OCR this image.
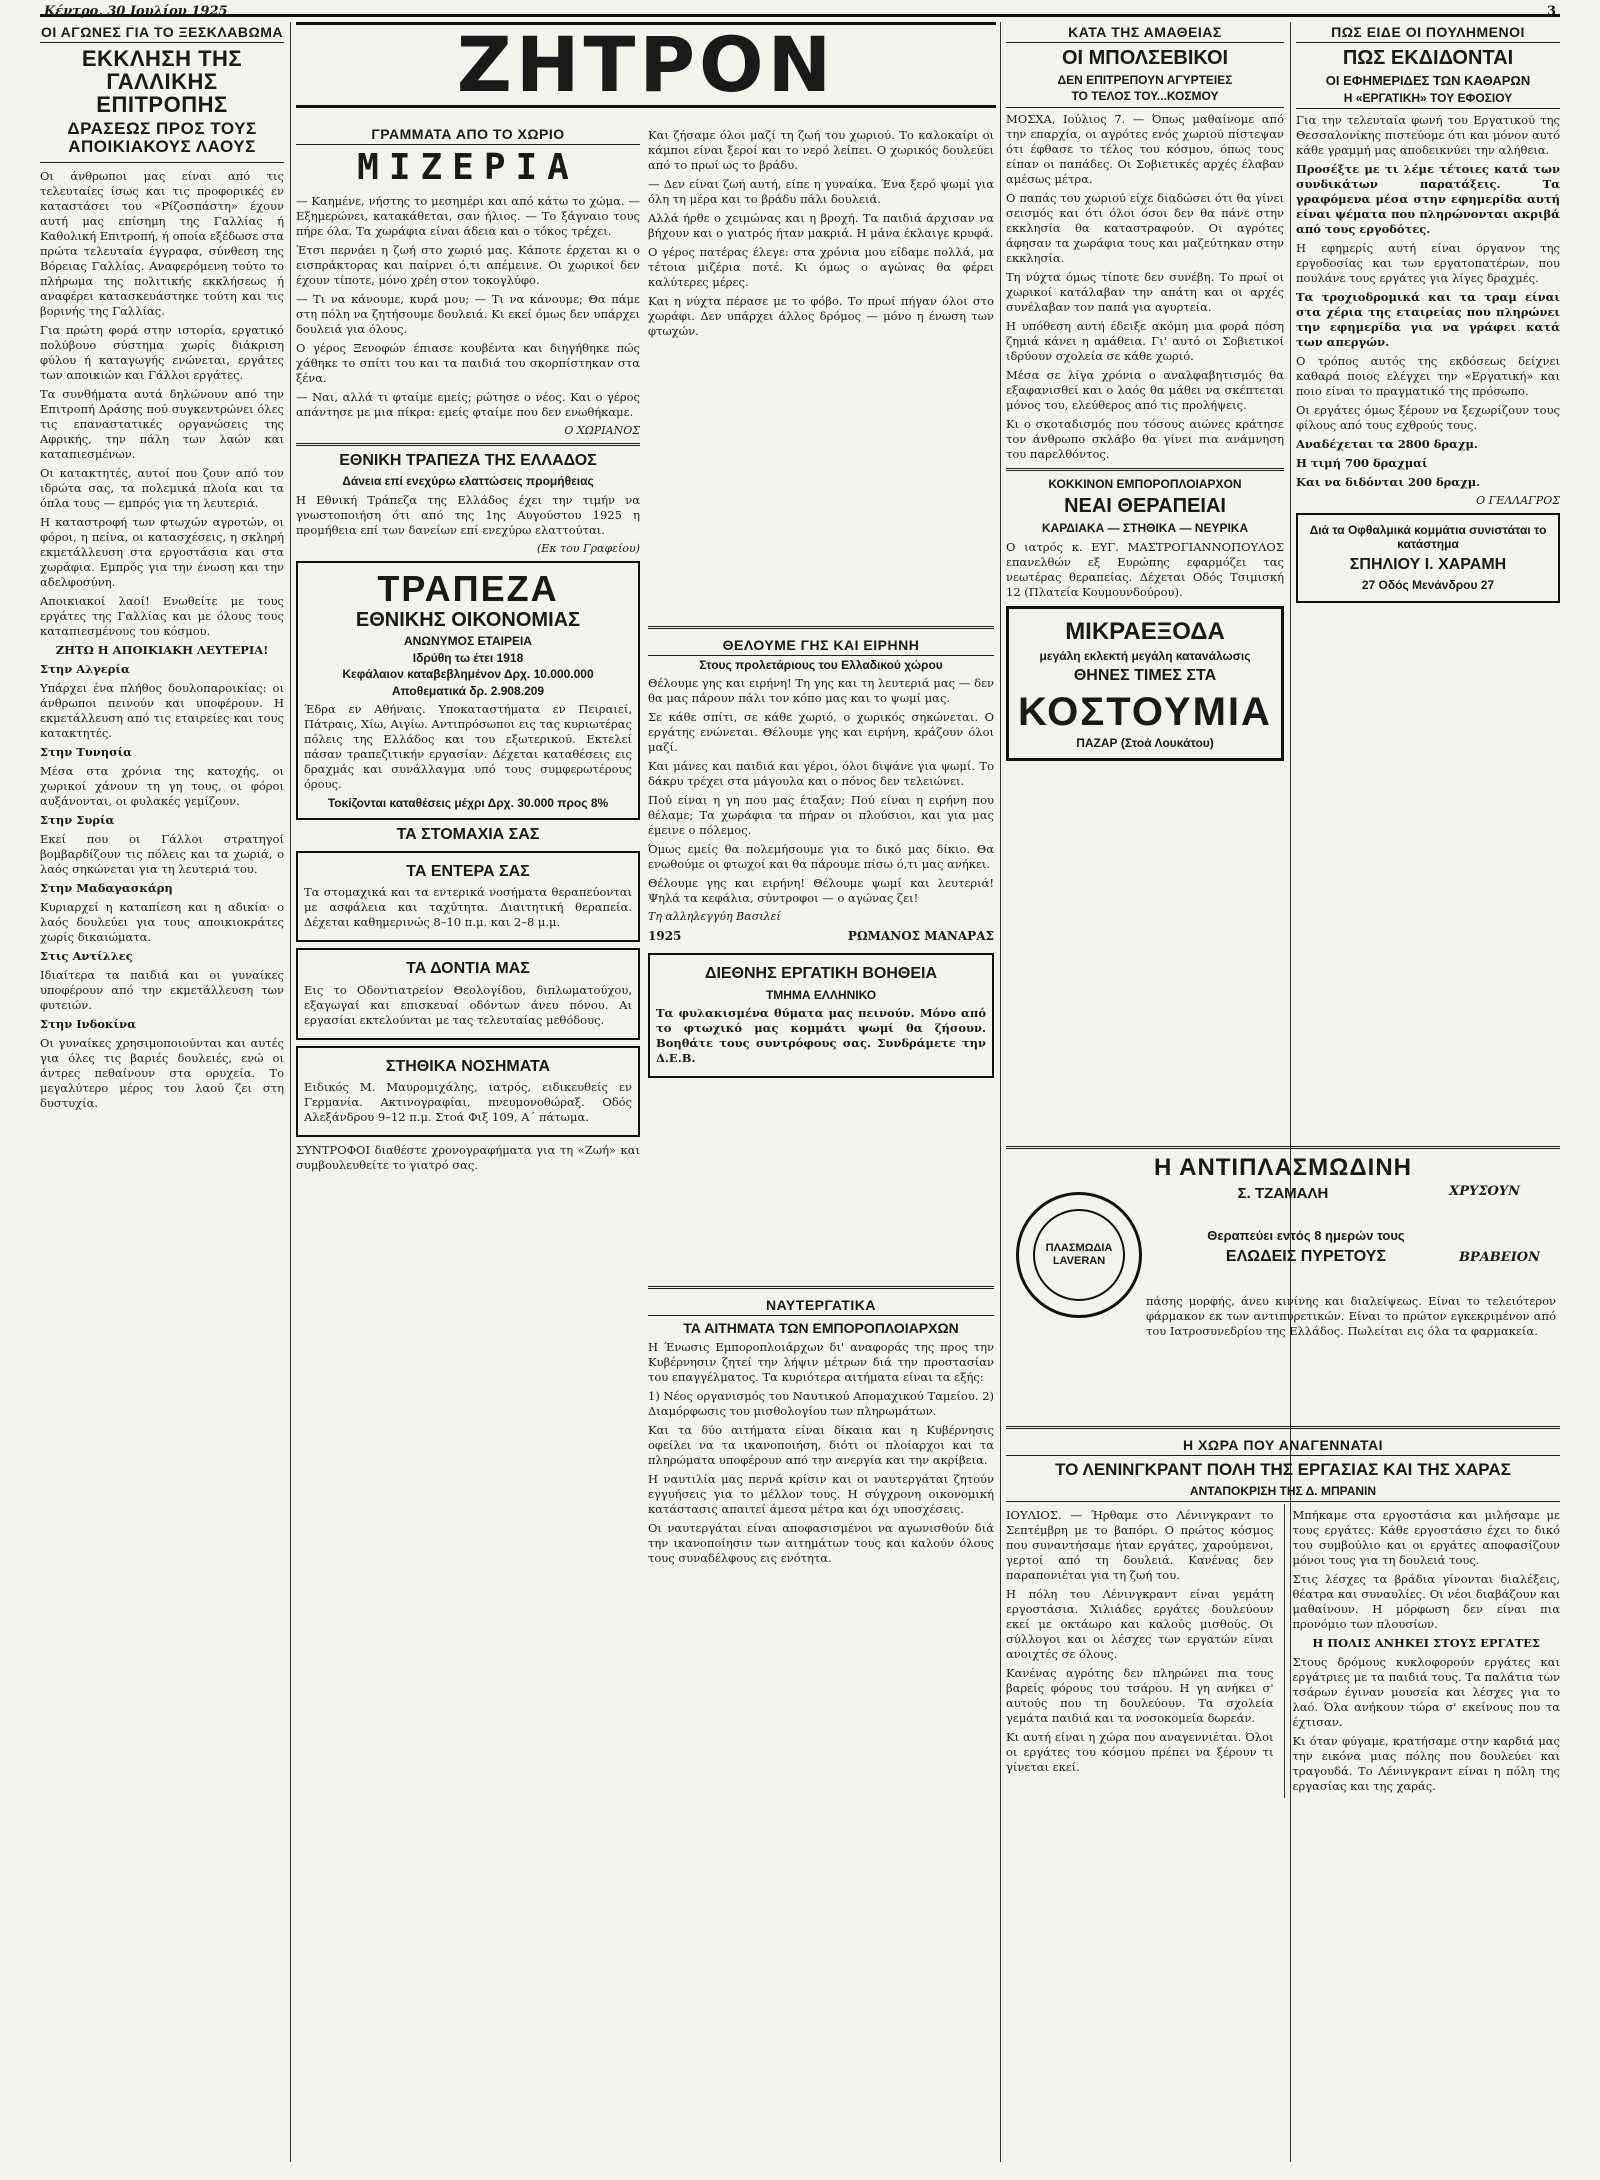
Κέντρο, 30 Ιουλίου 1925	3
ΟΙ ΑΓΩΝΕΣ ΓΙΑ ΤΟ ΞΕΣΚΛΑΒΩΜΑ
ΕΚΚΛΗΣΗ ΤΗΣ ΓΑΛΛΙΚΗΣ ΕΠΙΤΡΟΠΗΣ
ΔΡΑΣΕΩΣ ΠΡΟΣ ΤΟΥΣ ΑΠΟΙΚΙΑΚΟΥΣ ΛΑΟΥΣ

Οι άνθρωποι μας είναι από τις τελευταίες ίσως και τις προφορικές εν καταστάσει του «Ρίζοσπάστη» έχουν αυτή μας επίσημη της Γαλλίας ή Καθολική Επιτροπή, ή οποία εξέδωσε στα πρώτα τελευταία έγγραφα, σύνθεση της Βόρειας Γαλλίας. Αναφερόμενη τούτο το πλήρωμα της πολιτικής εκκλήσεως ή αναφέρει κατασκευάστηκε τούτη και τις βορινής της Γαλλίας.

Για πρώτη φορά στην ιστορία, εργατικό πολύβουο σύστημα χωρίς διάκριση φύλου ή καταγωγής ενώνεται, εργάτες των αποικιών και Γάλλοι εργάτες.

Τα συνθήματα αυτά δηλώνουν από την Επιτροπή Δράσης πού συγκεντρώνει όλες τις επαναστατικές οργανώσεις της Αφρικής, την πάλη των λαών και καταπιεσμένων.

Οι κατακτητές, αυτοί που ζουν από τον ιδρώτα σας, τα πολεμικά πλοία και τα όπλα τους — εμπρός για τη λευτεριά.

Η καταστροφή των φτωχών αγροτών, οι φόροι, η πείνα, οι κατασχέσεις, η σκληρή εκμετάλλευση στα εργοστάσια και στα χωράφια. Εμπρός για την ένωση και την αδελφοσύνη.

Αποικιακοί λαοί! Ενωθείτε με τους εργάτες της Γαλλίας και με όλους τους καταπιεσμένους του κόσμου.

ΖΗΤΩ Η ΑΠΟΙΚΙΑΚΗ ΛΕΥΤΕΡΙΑ!

Στην Αλγερία

Υπάρχει ένα πλήθος δουλοπαροικίας: οι άνθρωποι πεινούν και υποφέρουν. Η εκμετάλλευση από τις εταιρείες και τους κατακτητές.

Στην Τυνησία

Μέσα στα χρόνια της κατοχής, οι χωρικοί χάνουν τη γη τους, οι φόροι αυξάνονται, οι φυλακές γεμίζουν.

Στην Συρία

Εκεί που οι Γάλλοι στρατηγοί βομβαρδίζουν τις πόλεις και τα χωριά, ο λαός σηκώνεται για τη λευτεριά του.

Στην Μαδαγασκάρη

Κυριαρχεί η καταπίεση και η αδικία· ο λαός δουλεύει για τους αποικιοκράτες χωρίς δικαιώματα.

Στις Αντίλλες

Ιδιαίτερα τα παιδιά και οι γυναίκες υποφέρουν από την εκμετάλλευση των φυτειών.

Στην Ινδοκίνα

Οι γυναίκες χρησιμοποιούνται και αυτές για όλες τις βαριές δουλειές, ενώ οι άντρες πεθαίνουν στα ορυχεία. Το μεγαλύτερο μέρος του λαού ζει στη δυστυχία.

ΖΗΤΡΟΝ
ΓΡΑΜΜΑΤΑ ΑΠΟ ΤΟ ΧΩΡΙΟ
ΜΙΖΕΡΙΑ

— Καημένε, νήστης το μεσημέρι και από κάτω το χώμα. — Εξημερώνει, κατακάθεται, σαν ήλιος. — Το ξάγναιο τους πήρε όλα. Τα χωράφια είναι άδεια και ο τόκος τρέχει.

Έτσι περνάει η ζωή στο χωριό μας. Κάποτε έρχεται κι ο εισπράκτορας και παίρνει ό,τι απέμεινε. Οι χωρικοί δεν έχουν τίποτε, μόνο χρέη στον τοκογλύφο.

— Τι να κάνουμε, κυρά μου; — Τι να κάνουμε; Θα πάμε στη πόλη να ζητήσουμε δουλειά. Κι εκεί όμως δεν υπάρχει δουλειά για όλους.

Ο γέρος Ξενοφών έπιασε κουβέντα και διηγήθηκε πώς χάθηκε το σπίτι του και τα παιδιά του σκορπίστηκαν στα ξένα.

— Ναι, αλλά τι φταίμε εμείς; ρώτησε ο νέος. Και ο γέρος απάντησε με μια πίκρα: εμείς φταίμε που δεν ενωθήκαμε.

Ο ΧΩΡΙΑΝΟΣ
ΕΘΝΙΚΗ ΤΡΑΠΕΖΑ ΤΗΣ ΕΛΛΑΔΟΣ
Δάνεια επί ενεχύρω ελαττώσεις προμήθειας

Η Εθνική Τράπεζα της Ελλάδος έχει την τιμήν να γνωστοποιήση ότι από της 1ης Αυγούστου 1925 η προμήθεια επί των δανείων επί ενεχύρω ελαττούται.

(Εκ του Γραφείου)
ΤΡΑΠΕΖΑ
ΕΘΝΙΚΗΣ ΟΙΚΟΝΟΜΙΑΣ
ΑΝΩΝΥΜΟΣ ΕΤΑΙΡΕΙΑ
Ιδρύθη τω έτει 1918
Κεφάλαιον καταβεβλημένον Δρχ. 10.000.000
Αποθεματικά δρ. 2.908.209

Έδρα εν Αθήναις. Υποκαταστήματα εν Πειραιεί, Πάτραις, Χίω, Αιγίω. Αντιπρόσωποι εις τας κυριωτέρας πόλεις της Ελλάδος και του εξωτερικού. Εκτελεί πάσαν τραπεζιτικήν εργασίαν. Δέχεται καταθέσεις εις δραχμάς και συνάλλαγμα υπό τους συμφερωτέρους όρους.

Τοκίζονται καταθέσεις μέχρι Δρχ. 30.000 προς 8%
ΤΑ ΣΤΟΜΑΧΙΑ ΣΑΣ
ΤΑ ΕΝΤΕΡΑ ΣΑΣ

Τα στομαχικά και τα εντερικά νοσήματα θεραπεύονται με ασφάλεια και ταχύτητα. Διαιτητική θεραπεία. Δέχεται καθημερινώς 8–10 π.μ. και 2–8 μ.μ.

ΤΑ ΔΟΝΤΙΑ ΜΑΣ

Εις το Οδοντιατρείον Θεολογίδου, διπλωματούχου, εξαγωγαί και επισκευαί οδόντων άνευ πόνου. Αι εργασίαι εκτελούνται με τας τελευταίας μεθόδους.

ΣΤΗΘΙΚΑ ΝΟΣΗΜΑΤΑ

Ειδικός Μ. Μαυρομιχάλης, ιατρός, ειδικευθείς εν Γερμανία. Ακτινογραφίαι, πνευμονοθώραξ. Οδός Αλεξάνδρου 9–12 π.μ. Στοά Φιξ 109, Α΄ πάτωμα.

ΣΥΝΤΡΟΦΟΙ διαθέστε χρονογραφήματα για τη «Ζωή» και συμβουλευθείτε το γιατρό σας.

Και ζήσαμε όλοι μαζί τη ζωή του χωριού. Το καλοκαίρι οι κάμποι είναι ξεροί και το νερό λείπει. Ο χωρικός δουλεύει από το πρωί ως το βράδυ.

— Δεν είναι ζωή αυτή, είπε η γυναίκα. Ένα ξερό ψωμί για όλη τη μέρα και το βράδυ πάλι δουλειά.

Αλλά ήρθε ο χειμώνας και η βροχή. Τα παιδιά άρχισαν να βήχουν και ο γιατρός ήταν μακριά. Η μάνα έκλαιγε κρυφά.

Ο γέρος πατέρας έλεγε: στα χρόνια μου είδαμε πολλά, μα τέτοια μιζέρια ποτέ. Κι όμως ο αγώνας θα φέρει καλύτερες μέρες.

Και η νύχτα πέρασε με το φόβο. Το πρωί πήγαν όλοι στο χωράφι. Δεν υπάρχει άλλος δρόμος — μόνο η ένωση των φτωχών.

ΘΕΛΟΥΜΕ ΓΗΣ ΚΑΙ ΕΙΡΗΝΗ
Στους προλετάριους του Ελλαδικού χώρου

Θέλουμε γης και ειρήνη! Τη γης και τη λευτεριά μας — δεν θα μας πάρουν πάλι τον κόπο μας και το ψωμί μας.

Σε κάθε σπίτι, σε κάθε χωριό, ο χωρικός σηκώνεται. Ο εργάτης ενώνεται. Θέλουμε γης και ειρήνη, κράζουν όλοι μαζί.

Και μάνες και παιδιά και γέροι, όλοι διψάνε για ψωμί. Το δάκρυ τρέχει στα μάγουλα και ο πόνος δεν τελειώνει.

Πού είναι η γη που μας έταξαν; Πού είναι η ειρήνη που θέλαμε; Τα χωράφια τα πήραν οι πλούσιοι, και για μας έμεινε ο πόλεμος.

Όμως εμείς θα πολεμήσουμε για το δικό μας δίκιο. Θα ενωθούμε οι φτωχοί και θα πάρουμε πίσω ό,τι μας ανήκει.

Θέλουμε γης και ειρήνη! Θέλουμε ψωμί και λευτεριά! Ψηλά τα κεφάλια, σύντροφοι — ο αγώνας ζει!

Τη αλληλεγγύη Βασιλεί
1925	ΡΩΜΑΝΟΣ ΜΑΝΑΡΑΣ
ΔΙΕΘΝΗΣ ΕΡΓΑΤΙΚΗ ΒΟΗΘΕΙΑ
ΤΜΗΜΑ ΕΛΛΗΝΙΚΟ

Τα φυλακισμένα θύματα μας πεινούν. Μόνο από το φτωχικό μας κομμάτι ψωμί θα ζήσουν. Βοηθάτε τους συντρόφους σας. Συνδράμετε την Δ.Ε.Β.

ΝΑΥΤΕΡΓΑΤΙΚΑ
ΤΑ ΑΙΤΗΜΑΤΑ ΤΩΝ ΕΜΠΟΡΟΠΛΟΙΑΡΧΩΝ

Η Ένωσις Εμποροπλοιάρχων δι' αναφοράς της προς την Κυβέρνησιν ζητεί την λήψιν μέτρων διά την προστασίαν του επαγγέλματος. Τα κυριότερα αιτήματα είναι τα εξής:

1) Νέος οργανισμός του Ναυτικού Απομαχικού Ταμείου. 2) Διαμόρφωσις του μισθολογίου των πληρωμάτων.

Και τα δύο αιτήματα είναι δίκαια και η Κυβέρνησις οφείλει να τα ικανοποιήση, διότι οι πλοίαρχοι και τα πληρώματα υποφέρουν από την ανεργία και την ακρίβεια.

Η ναυτιλία μας περνά κρίσιν και οι ναυτεργάται ζητούν εγγυήσεις για το μέλλον τους. Η σύγχρονη οικονομική κατάστασις απαιτεί άμεσα μέτρα και όχι υποσχέσεις.

Οι ναυτεργάται είναι αποφασισμένοι να αγωνισθούν διά την ικανοποίησιν των αιτημάτων τους και καλούν όλους τους συναδέλφους εις ενότητα.

ΚΑΤΑ ΤΗΣ ΑΜΑΘΕΙΑΣ
ΟΙ ΜΠΟΛΣΕΒΙΚΟΙ
ΔΕΝ ΕΠΙΤΡΕΠΟΥΝ ΑΓΥΡΤΕΙΕΣ
ΤΟ ΤΕΛΟΣ ΤΟΥ...ΚΟΣΜΟΥ

ΜΟΣΧΑ, Ιούλιος 7. — Όπως μαθαίνομε από την επαρχία, οι αγρότες ενός χωριού πίστεψαν ότι έφθασε το τέλος του κόσμου, όπως τους είπαν οι παπάδες. Οι Σοβιετικές αρχές έλαβαν αμέσως μέτρα.

Ο παπάς του χωριού είχε διαδώσει ότι θα γίνει σεισμός και ότι όλοι όσοι δεν θα πάνε στην εκκλησία θα καταστραφούν. Οι αγρότες άφησαν τα χωράφια τους και μαζεύτηκαν στην εκκλησία.

Τη νύχτα όμως τίποτε δεν συνέβη. Το πρωί οι χωρικοί κατάλαβαν την απάτη και οι αρχές συνέλαβαν τον παπά για αγυρτεία.

Η υπόθεση αυτή έδειξε ακόμη μια φορά πόση ζημιά κάνει η αμάθεια. Γι' αυτό οι Σοβιετικοί ιδρύουν σχολεία σε κάθε χωριό.

Μέσα σε λίγα χρόνια ο αναλφαβητισμός θα εξαφανισθεί και ο λαός θα μάθει να σκέπτεται μόνος του, ελεύθερος από τις προλήψεις.

Κι ο σκοταδισμός που τόσους αιώνες κράτησε τον άνθρωπο σκλάβο θα γίνει πια ανάμνηση του παρελθόντος.

ΚΟΚΚΙΝΟΝ ΕΜΠΟΡΟΠΛΟΙΑΡΧΟΝ
ΝΕΑΙ ΘΕΡΑΠΕΙΑΙ
ΚΑΡΔΙΑΚΑ — ΣΤΗΘΙΚΑ — ΝΕΥΡΙΚΑ

Ο ιατρός κ. ΕΥΓ. ΜΑΣΤΡΟΓΙΑΝΝΟΠΟΥΛΟΣ επανελθών εξ Ευρώπης εφαρμόζει τας νεωτέρας θεραπείας. Δέχεται Οδός Τσιμισκή 12 (Πλατεία Κουμουνδούρου).

ΜΙΚΡΑΕΞΟΔΑ
μεγάλη εκλεκτή μεγάλη κατανάλωσις
ΘΗΝΕΣ ΤΙΜΕΣ ΣΤΑ
ΚΟΣΤΟΥΜΙΑ
ΠΑΖΑΡ (Στοά Λουκάτου)
ΠΩΣ ΕΙΔΕ ΟΙ ΠΟΥΛΗΜΕΝΟΙ
ΠΩΣ ΕΚΔΙΔΟΝΤΑΙ
ΟΙ ΕΦΗΜΕΡΙΔΕΣ ΤΩΝ ΚΑΘΑΡΩΝ
Η «ΕΡΓΑΤΙΚΗ» ΤΟΥ ΕΦΟΣΙΟΥ

Για την τελευταία φωνή του Εργατικού της Θεσσαλονίκης πιστεύομε ότι και μόνον αυτό κάθε γραμμή μας αποδεικνύει την αλήθεια.

Προσέξτε με τι λέμε τέτοιες κατά των συνδικάτων παρατάξεις. Τα γραφόμενα μέσα στην εφημερίδα αυτή είναι ψέματα που πληρώνονται ακριβά από τους εργοδότες.

Η εφημερίς αυτή είναι όργανον της εργοδοσίας και των εργατοπατέρων, που πουλάνε τους εργάτες για λίγες δραχμές.

Τα τροχιοδρομικά και τα τραμ είναι στα χέρια της εταιρείας που πληρώνει την εφημερίδα για να γράφει κατά των απεργών.

Ο τρόπος αυτός της εκδόσεως δείχνει καθαρά ποιος ελέγχει την «Εργατική» και ποιο είναι το πραγματικό της πρόσωπο.

Οι εργάτες όμως ξέρουν να ξεχωρίζουν τους φίλους από τους εχθρούς τους.

Αναδέχεται τα 2800 δραχμ.

Η τιμή 700 δραχμαί

Και να διδόνται 200 δραχμ.

Ο ΓΕΛΛΑΓΡΟΣ
Διά τα Οφθαλμικά κομμάτια συνιστάται το κατάστημα
ΣΠΗΛΙΟΥ Ι. ΧΑΡΑΜΗ
27 Οδός Μενάνδρου 27
Η ΑΝΤΙΠΛΑΣΜΩΔΙΝΗ
Σ. ΤΖΑΜΑΛΗ	ΧΡΥΣΟΥΝ
ΒΡΑΒΕΙΟΝ
ΠΛΑΣΜΩΔΙΑ LAVERAN
Θεραπεύει εντός 8 ημερών τους
ΕΛΩΔΕΙΣ ΠΥΡΕΤΟΥΣ

πάσης μορφής, άνευ κινίνης και διαλείψεως. Είναι το τελειότερον φάρμακον εκ των αντιπυρετικών. Είναι το πρώτον εγκεκριμένον από του Ιατροσυνεδρίου της Ελλάδος. Πωλείται εις όλα τα φαρμακεία.

Η ΧΩΡΑ ΠΟΥ ΑΝΑΓΕΝΝΑΤΑΙ
ΤΟ ΛΕΝΙΝΓΚΡΑΝΤ ΠΟΛΗ ΤΗΣ ΕΡΓΑΣΙΑΣ ΚΑΙ ΤΗΣ ΧΑΡΑΣ
ΑΝΤΑΠΟΚΡΙΣΗ ΤΗΣ Δ. ΜΠΡΑΝΙΝ

ΙΟΥΛΙΟΣ. — Ήρθαμε στο Λένινγκραντ το Σεπτέμβρη με το βαπόρι. Ο πρώτος κόσμος που συναντήσαμε ήταν εργάτες, χαρούμενοι, γερτοί από τη δουλειά. Κανένας δεν παραπονιέται για τη ζωή του.

Η πόλη του Λένινγκραντ είναι γεμάτη εργοστάσια. Χιλιάδες εργάτες δουλεύουν εκεί με οκτάωρο και καλούς μισθούς. Οι σύλλογοι και οι λέσχες των εργατών είναι ανοιχτές σε όλους.

Κανένας αγρότης δεν πληρώνει πια τους βαρείς φόρους του τσάρου. Η γη ανήκει σ' αυτούς που τη δουλεύουν. Τα σχολεία γεμάτα παιδιά και τα νοσοκομεία δωρεάν.

Κι αυτή είναι η χώρα που αναγεννιέται. Όλοι οι εργάτες του κόσμου πρέπει να ξέρουν τι γίνεται εκεί.

Μπήκαμε στα εργοστάσια και μιλήσαμε με τους εργάτες. Κάθε εργοστάσιο έχει το δικό του συμβούλιο και οι εργάτες αποφασίζουν μόνοι τους για τη δουλειά τους.

Στις λέσχες τα βράδια γίνονται διαλέξεις, θέατρα και συναυλίες. Οι νέοι διαβάζουν και μαθαίνουν. Η μόρφωση δεν είναι πια προνόμιο των πλουσίων.

Η ΠΟΛΙΣ ΑΝΗΚΕΙ ΣΤΟΥΣ ΕΡΓΑΤΕΣ

Στους δρόμους κυκλοφορούν εργάτες και εργάτριες με τα παιδιά τους. Τα παλάτια των τσάρων έγιναν μουσεία και λέσχες για το λαό. Όλα ανήκουν τώρα σ' εκείνους που τα έχτισαν.

Κι όταν φύγαμε, κρατήσαμε στην καρδιά μας την εικόνα μιας πόλης που δουλεύει και τραγουδά. Το Λένινγκραντ είναι η πόλη της εργασίας και της χαράς.
